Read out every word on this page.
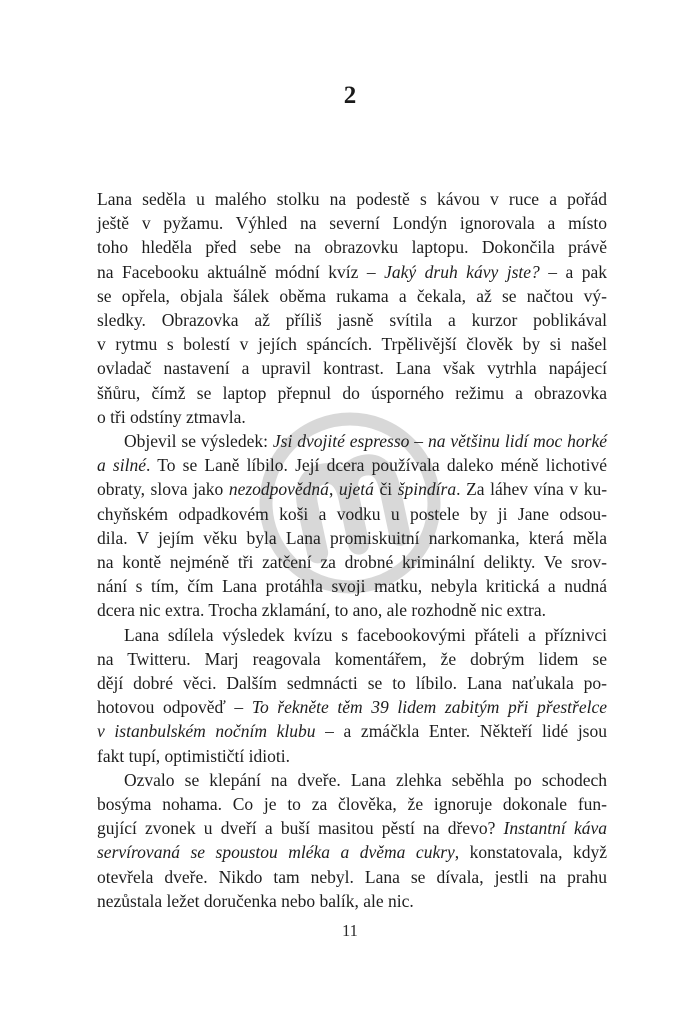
2
Lana seděla u malého stolku na podestě s kávou v ruce a pořád
ještě v pyžamu. Výhled na severní Londýn ignorovala a místo
toho hleděla před sebe na obrazovku laptopu. Dokončila právě
na Facebooku aktuálně módní kvíz – Jaký druh kávy jste? – a pak
se opřela, objala šálek oběma rukama a čekala, až se načtou vý-
sledky. Obrazovka až příliš jasně svítila a kurzor poblikával
v rytmu s bolestí v jejích spáncích. Trpělivější člověk by si našel
ovladač nastavení a upravil kontrast. Lana však vytrhla napájecí
šňůru, čímž se laptop přepnul do úsporného režimu a obrazovka
o tři odstíny ztmavla.
Objevil se výsledek: Jsi dvojité espresso – na většinu lidí moc horké
a silné. To se Laně líbilo. Její dcera používala daleko méně lichotivé
obraty, slova jako nezodpovědná, ujetá či špindíra. Za láhev vína v ku-
chyňském odpadkovém koši a vodku u postele by ji Jane odsou-
dila. V jejím věku byla Lana promiskuitní narkomanka, která měla
na kontě nejméně tři zatčení za drobné kriminální delikty. Ve srov-
nání s tím, čím Lana protáhla svoji matku, nebyla kritická a nudná
dcera nic extra. Trocha zklamání, to ano, ale rozhodně nic extra.
Lana sdílela výsledek kvízu s facebookovými přáteli a příznivci
na Twitteru. Marj reagovala komentářem, že dobrým lidem se
dějí dobré věci. Dalším sedmnácti se to líbilo. Lana naťukala po-
hotovou odpověď – To řekněte těm 39 lidem zabitým při přestřelce
v istanbulském nočním klubu – a zmáčkla Enter. Někteří lidé jsou
fakt tupí, optimističtí idioti.
Ozvalo se klepání na dveře. Lana zlehka seběhla po schodech
bosýma nohama. Co je to za člověka, že ignoruje dokonale fun-
gující zvonek u dveří a buší masitou pěstí na dřevo? Instantní káva
servírovaná se spoustou mléka a dvěma cukry, konstatovala, když
otevřela dveře. Nikdo tam nebyl. Lana se dívala, jestli na prahu
nezůstala ležet doručenka nebo balík, ale nic.
11
